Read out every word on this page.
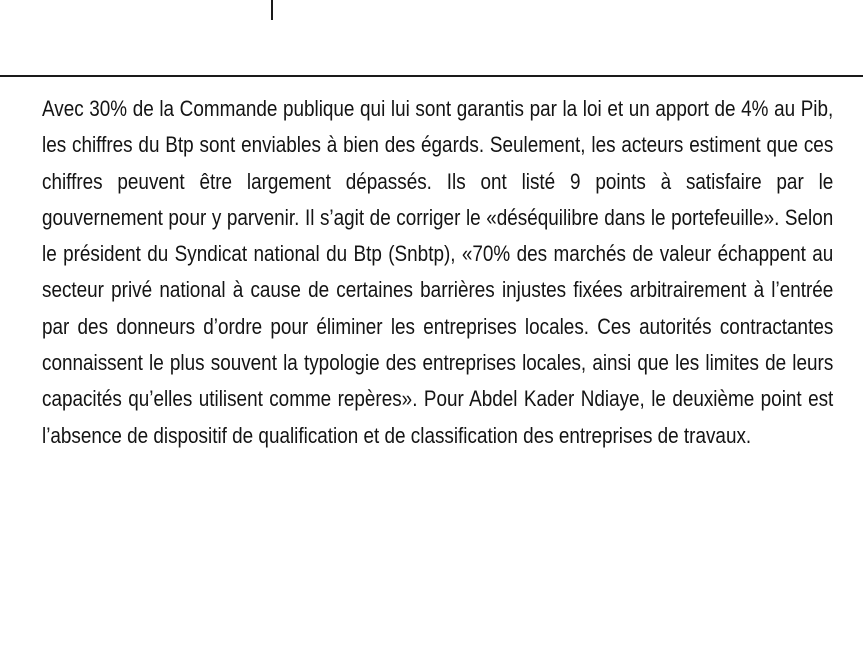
Avec 30% de la Commande publique qui lui sont garantis par la loi et un apport de 4% au Pib, les chiffres du Btp sont enviables à bien des égards. Seulement, les acteurs estiment que ces chiffres peuvent être largement dépassés. Ils ont listé 9 points à satisfaire par le gouvernement pour y parvenir. Il s’agit de corriger le «déséquilibre dans le portefeuille». Selon le président du Syndicat national du Btp (Snbtp), «70% des marchés de valeur échappent au secteur privé national à cause de certaines barrières injustes fixées arbitrairement à l’entrée par des donneurs d’ordre pour éliminer les entreprises locales. Ces autorités contractantes connaissent le plus souvent la typologie des entreprises locales, ainsi que les limites de leurs capacités qu’elles utilisent comme repères». Pour Abdel Kader Ndiaye, le deuxième point est l’absence de dispositif de qualification et de classification des entreprises de travaux.
